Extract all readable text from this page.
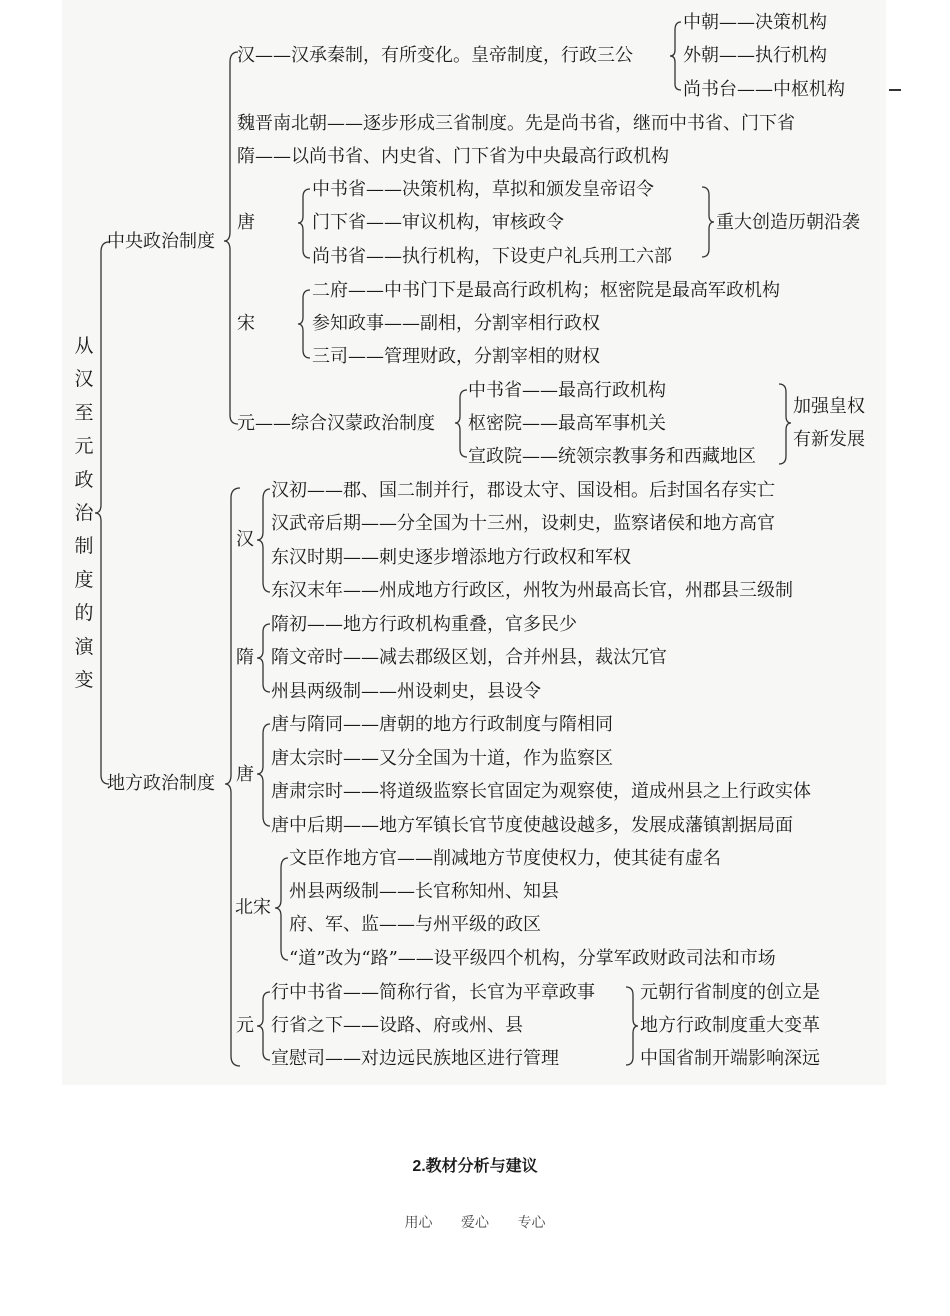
从汉至元政治制度的演变
中央政治制度
地方政治制度
汉——汉承秦制，有所变化。皇帝制度，行政三公
中朝——决策机构
外朝——执行机构
尚书台——中枢机构
魏晋南北朝——逐步形成三省制度。先是尚书省，继而中书省、门下省
隋——以尚书省、内史省、门下省为中央最高行政机构
唐
中书省——决策机构，草拟和颁发皇帝诏令
门下省——审议机构，审核政令
尚书省——执行机构，下设吏户礼兵刑工六部
重大创造历朝沿袭
宋
二府——中书门下是最高行政机构；枢密院是最高军政机构
参知政事——副相，分割宰相行政权
三司——管理财政，分割宰相的财权
元——综合汉蒙政治制度
中书省——最高行政机构
枢密院——最高军事机关
宣政院——统领宗教事务和西藏地区
加强皇权
有新发展
汉
汉初——郡、国二制并行，郡设太守、国设相。后封国名存实亡
汉武帝后期——分全国为十三州，设刺史，监察诸侯和地方高官
东汉时期——刺史逐步增添地方行政权和军权
东汉末年——州成地方行政区，州牧为州最高长官，州郡县三级制
隋
隋初——地方行政机构重叠，官多民少
隋文帝时——减去郡级区划，合并州县，裁汰冗官
州县两级制——州设刺史，县设令
唐
唐与隋同——唐朝的地方行政制度与隋相同
唐太宗时——又分全国为十道，作为监察区
唐肃宗时——将道级监察长官固定为观察使，道成州县之上行政实体
唐中后期——地方军镇长官节度使越设越多，发展成藩镇割据局面
北宋
文臣作地方官——削减地方节度使权力，使其徒有虚名
州县两级制——长官称知州、知县
府、军、监——与州平级的政区
“道”改为“路”——设平级四个机构，分掌军政财政司法和市场
元
行中书省——简称行省，长官为平章政事
行省之下——设路、府或州、县
宣慰司——对边远民族地区进行管理
元朝行省制度的创立是
地方行政制度重大变革
中国省制开端影响深远
2.教材分析与建议
用心 爱心 专心
